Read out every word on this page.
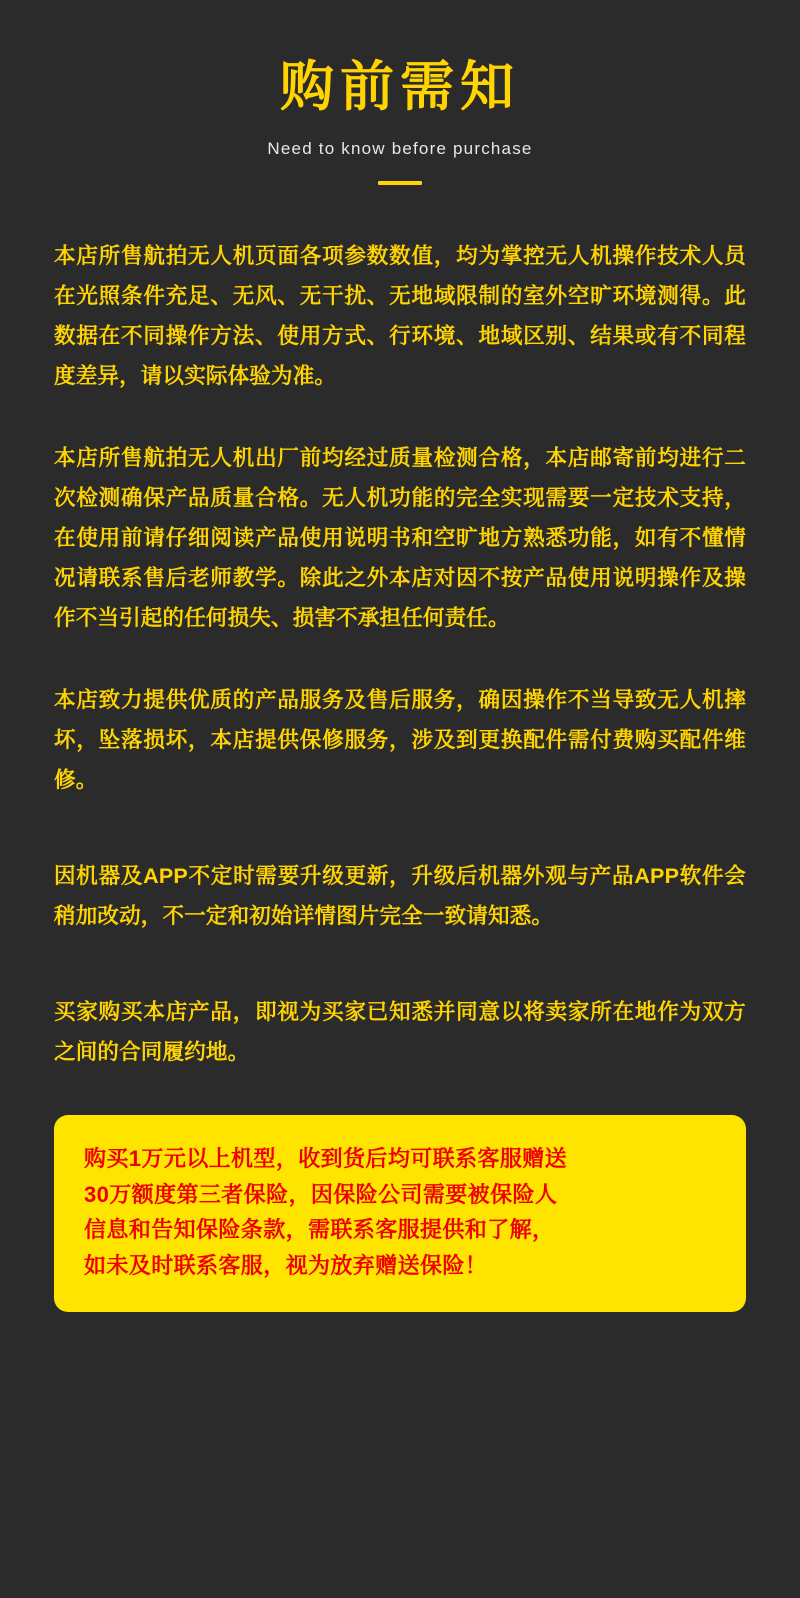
购前需知
Need to know before purchase

本店所售航拍无人机页面各项参数数值，均为掌控无人机操作技术人员在光照条件充足、无风、无干扰、无地域限制的室外空旷环境测得。此数据在不同操作方法、使用方式、行环境、地域区别、结果或有不同程度差异，请以实际体验为准。

本店所售航拍无人机出厂前均经过质量检测合格，本店邮寄前均进行二次检测确保产品质量合格。无人机功能的完全实现需要一定技术支持，在使用前请仔细阅读产品使用说明书和空旷地方熟悉功能，如有不懂情况请联系售后老师教学。除此之外本店对因不按产品使用说明操作及操作不当引起的任何损失、损害不承担任何责任。

本店致力提供优质的产品服务及售后服务，确因操作不当导致无人机摔坏，坠落损坏，本店提供保修服务，涉及到更换配件需付费购买配件维修。

因机器及APP不定时需要升级更新，升级后机器外观与产品APP软件会稍加改动，不一定和初始详情图片完全一致请知悉。

买家购买本店产品，即视为买家已知悉并同意以将卖家所在地作为双方之间的合同履约地。

购买1万元以上机型，收到货后均可联系客服赠送
30万额度第三者保险，因保险公司需要被保险人
信息和告知保险条款，需联系客服提供和了解，
如未及时联系客服，视为放弃赠送保险！
